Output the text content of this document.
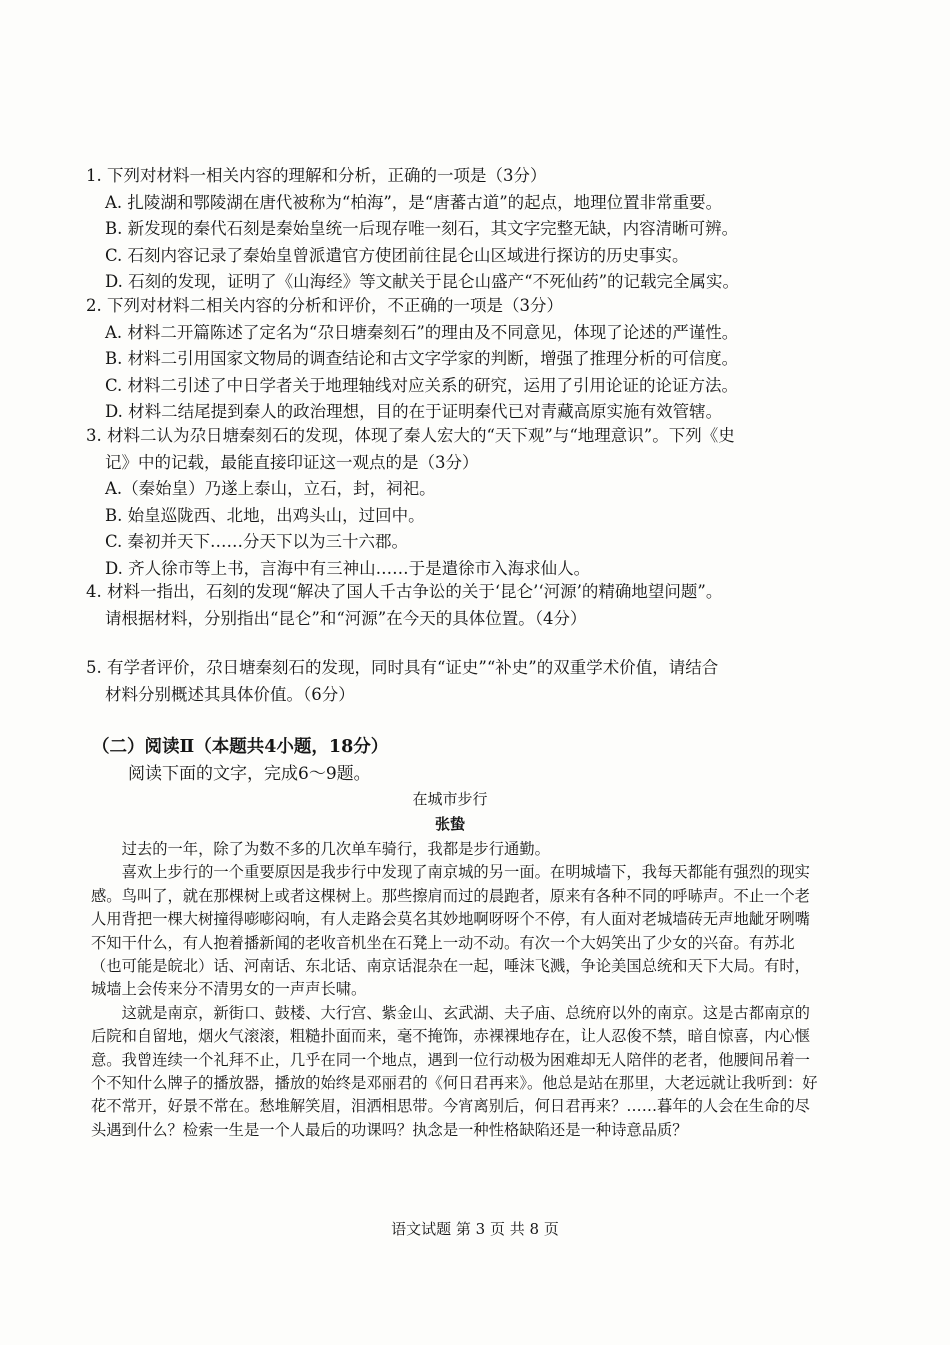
1. 下列对材料一相关内容的理解和分析，正确的一项是（3分）
A. 扎陵湖和鄂陵湖在唐代被称为“柏海”，是“唐蕃古道”的起点，地理位置非常重要。
B. 新发现的秦代石刻是秦始皇统一后现存唯一刻石，其文字完整无缺，内容清晰可辨。
C. 石刻内容记录了秦始皇曾派遣官方使团前往昆仑山区域进行探访的历史事实。
D. 石刻的发现，证明了《山海经》等文献关于昆仑山盛产“不死仙药”的记载完全属实。
2. 下列对材料二相关内容的分析和评价，不正确的一项是（3分）
A. 材料二开篇陈述了定名为“尕日塘秦刻石”的理由及不同意见，体现了论述的严谨性。
B. 材料二引用国家文物局的调查结论和古文字学家的判断，增强了推理分析的可信度。
C. 材料二引述了中日学者关于地理轴线对应关系的研究，运用了引用论证的论证方法。
D. 材料二结尾提到秦人的政治理想，目的在于证明秦代已对青藏高原实施有效管辖。
3. 材料二认为尕日塘秦刻石的发现，体现了秦人宏大的“天下观”与“地理意识”。下列《史
记》中的记载，最能直接印证这一观点的是（3分）
A.（秦始皇）乃遂上泰山，立石，封，祠祀。
B. 始皇巡陇西、北地，出鸡头山，过回中。
C. 秦初并天下……分天下以为三十六郡。
D. 齐人徐市等上书，言海中有三神山……于是遣徐市入海求仙人。
4. 材料一指出，石刻的发现“解决了国人千古争讼的关于‘昆仑’‘河源’的精确地望问题”。
请根据材料，分别指出“昆仑”和“河源”在今天的具体位置。（4分）
5. 有学者评价，尕日塘秦刻石的发现，同时具有“证史”“补史”的双重学术价值，请结合
材料分别概述其具体价值。（6分）
（二）阅读Ⅱ（本题共4小题，18分）
阅读下面的文字，完成6～9题。
在城市步行
张蛰
过去的一年，除了为数不多的几次单车骑行，我都是步行通勤。
喜欢上步行的一个重要原因是我步行中发现了南京城的另一面。在明城墙下，我每天都能有强烈的现实感。鸟叫了，就在那棵树上或者这棵树上。那些擦肩而过的晨跑者，原来有各种不同的呼哧声。不止一个老人用背把一棵大树撞得嘭嘭闷响，有人走路会莫名其妙地啊呀呀个不停，有人面对老城墙砖无声地龇牙咧嘴不知干什么，有人抱着播新闻的老收音机坐在石凳上一动不动。有次一个大妈笑出了少女的兴奋。有苏北（也可能是皖北）话、河南话、东北话、南京话混杂在一起，唾沫飞溅，争论美国总统和天下大局。有时，城墙上会传来分不清男女的一声声长啸。
这就是南京，新街口、鼓楼、大行宫、紫金山、玄武湖、夫子庙、总统府以外的南京。这是古都南京的后院和自留地，烟火气滚滚，粗糙扑面而来，毫不掩饰，赤裸裸地存在，让人忍俊不禁，暗自惊喜，内心惬意。我曾连续一个礼拜不止，几乎在同一个地点，遇到一位行动极为困难却无人陪伴的老者，他腰间吊着一个不知什么牌子的播放器，播放的始终是邓丽君的《何日君再来》。他总是站在那里，大老远就让我听到：好花不常开，好景不常在。愁堆解笑眉，泪洒相思带。今宵离别后，何日君再来？……暮年的人会在生命的尽头遇到什么？检索一生是一个人最后的功课吗？执念是一种性格缺陷还是一种诗意品质？
语文试题 第 3 页 共 8 页
